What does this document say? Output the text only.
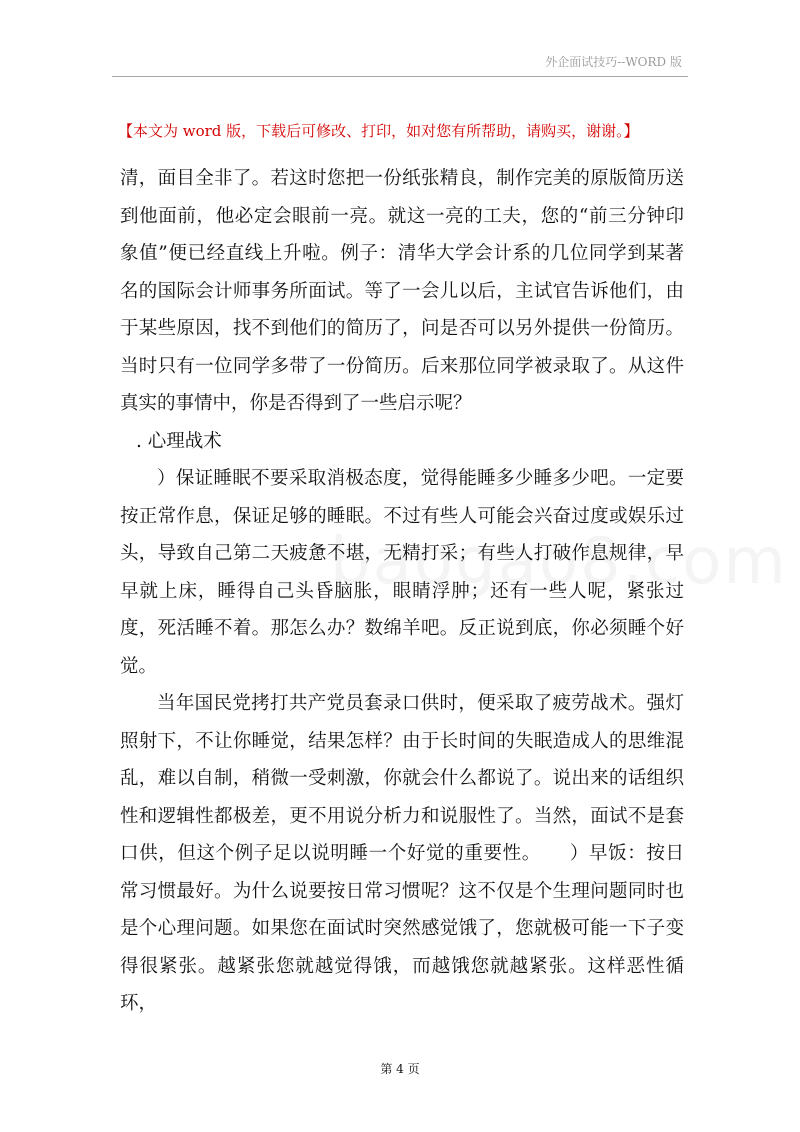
外企面试技巧--WORD 版
【本文为 word 版，下载后可修改、打印，如对您有所帮助，请购买，谢谢。】

清，面目全非了。若这时您把一份纸张精良，制作完美的原版简历送到他面前，他必定会眼前一亮。就这一亮的工夫，您的“前三分钟印象值”便已经直线上升啦。例子：清华大学会计系的几位同学到某著名的国际会计师事务所面试。等了一会儿以后，主试官告诉他们，由于某些原因，找不到他们的简历了，问是否可以另外提供一份简历。当时只有一位同学多带了一份简历。后来那位同学被录取了。从这件真实的事情中，你是否得到了一些启示呢？

. 心理战术

）保证睡眠不要采取消极态度，觉得能睡多少睡多少吧。一定要按正常作息，保证足够的睡眠。不过有些人可能会兴奋过度或娱乐过头，导致自己第二天疲惫不堪，无精打采；有些人打破作息规律，早早就上床，睡得自己头昏脑胀，眼睛浮肿；还有一些人呢，紧张过度，死活睡不着。那怎么办？数绵羊吧。反正说到底，你必须睡个好觉。

当年国民党拷打共产党员套录口供时，便采取了疲劳战术。强灯照射下，不让你睡觉，结果怎样？由于长时间的失眠造成人的思维混乱，难以自制，稍微一受刺激，你就会什么都说了。说出来的话组织性和逻辑性都极差，更不用说分析力和说服性了。当然，面试不是套口供，但这个例子足以说明睡一个好觉的重要性。　　）早饭：按日常习惯最好。为什么说要按日常习惯呢？这不仅是个生理问题同时也是个心理问题。如果您在面试时突然感觉饿了，您就极可能一下子变得很紧张。越紧张您就越觉得饿，而越饿您就越紧张。这样恶性循环，

第 4 页
